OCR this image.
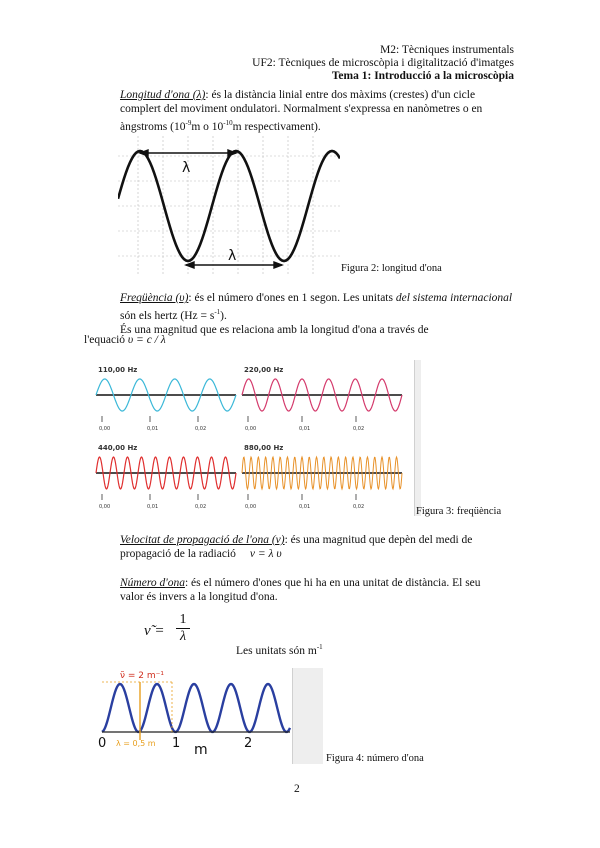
M2: Tècniques instrumentals
UF2: Tècniques de microscòpia i digitalització d'imatges
Tema 1: Introducció a la microscòpia
Longitud d'ona (λ): és la distància linial entre dos màxims (crestes) d'un cicle
complert del moviment ondulatori. Normalment s'expressa en nanòmetres o en
àngstroms ($10^{-9}m$ o $10^{-10}m$ respectivament).
λ
λ
Figura 2: longitud d'ona
Freqüència (υ): és el número d'ones en 1 segon. Les unitats del sistema internacional
són els hertz $(Hz = s^{-1})$.
És una magnitud que es relaciona amb la longitud d'ona a través de
l'equació υ = c / λ
110,00 Hz
0,00	0,01	0,02
220,00 Hz
0,00	0,01	0,02
440,00 Hz
0,00	0,01	0,02
880,00 Hz
0,00	0,01	0,02	Figura 3: freqüència
Velocitat de propagació de l'ona (v): és una magnitud que depèn del medi de
propagació de la radiació v = λ υ
Número d'ona: és el número d'ones que hi ha en una unitat de distància. El seu
valor és invers a la longitud d'ona.
ν̃ = $\frac{1}{\lambda}$
Les unitats són $m^{-1}$
ν̃ = 2 m⁻¹
λ = 0,5 m
0	1	2
m
Figura 4: número d'ona
2
